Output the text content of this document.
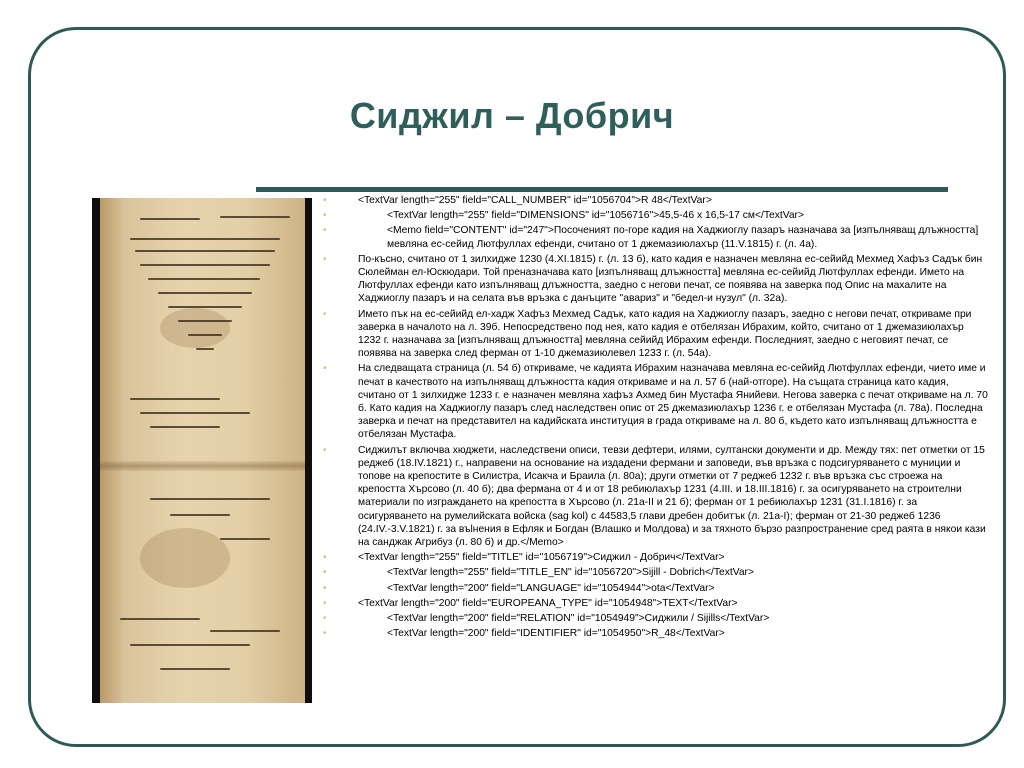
Сиджил – Добрич
• <TextVar length="255" field="CALL_NUMBER" id="1056704">R 48</TextVar>
• <TextVar length="255" field="DIMENSIONS" id="1056716">45,5-46 x 16,5-17 см</TextVar>
• <Memo field="CONTENT" id="247">Посоченият по-горе кадия на Хаджиоглу пазаръ назначава за [изпълняващ длъжността] мевляна ес-сейид Лютфуллах ефенди, считано от 1 джемазиюлахър (11.V.1815) г. (л. 4а).
• По-късно, считано от 1 зилхидже 1230 (4.XI.1815) г. (л. 13 б), като кадия е назначен мевляна ес-сейийд Мехмед Хафъз Садък бин Сюлейман ел-Юскюдари. Той преназначава като [изпълняващ длъжността] мевляна ес-сейийд Лютфуллах ефенди. Името на Лютфуллах ефенди като изпълняващ длъжността, заедно с негови печат, се появява на заверка под Опис на махалите на Хаджиоглу пазаръ и на селата във връзка с данъците "авариз" и "бедел-и нузул" (л. 32а).
• Името пък на ес-сейийд ел-хадж Хафъз Мехмед Садък, като кадия на Хаджиоглу пазаръ, заедно с негови печат, откриваме при заверка в началото на л. 39б. Непосредствено под нея, като кадия е отбелязан Ибрахим, който, считано от 1 джемазиюлахър 1232 г. назначава за [изпълняващ длъжността] мевляна сейийд Ибрахим ефенди. Последният, заедно с неговият печат, се появява на заверка след ферман от 1-10 джемазиюлевел 1233 г. (л. 54а).
• На следващата страница (л. 54 б) откриваме, че кадията Ибрахим назначава мевляна ес-сейийд Лютфуллах ефенди, чието име и печат в качеството на изпълняващ длъжността кадия откриваме и на л. 57 б (най-отгоре). На същата страница като кадия, считано от 1 зилхидже 1233 г. е назначен мевляна хафъз Ахмед бин Мустафа Янийеви. Негова заверка с печат откриваме на л. 70 б. Като кадия на Хаджиоглу пазаръ след наследствен опис от 25 джемазиюлахър 1236 г. е отбелязан Мустафа (л. 78а). Последна заверка и печат на представител на кадийската институция в града откриваме на л. 80 б, където като изпълняващ длъжността е отбелязан Мустафа.
• Сиджилът включва хюджети, наследствени описи, тевзи дефтери, илями, султански документи и др. Между тях: пет отметки от 15 реджеб (18.IV.1821) г., направени на основание на издадени фермани и заповеди, във връзка с подсигуряването с муниции и топове на крепостите в Силистра, Исакча и Браила (л. 80а); други отметки от 7 реджеб 1232 г. във връзка със строежа на крепостта Хърсово (л. 40 б); два фермана от 4 и от 18 ребиюлахър 1231 (4.III. и 18.III.1816) г. за осигуряването на строителни материали по изграждането на крепостта в Хърсово (л. 21а-II и 21 б); ферман от 1 ребиюлахър 1231 (31.I.1816) г. за осигуряването на румелийската войска (sag kol) с 44583,5 глави дребен добитък (л. 21а-I); ферман от 21-30 реджеб 1236 (24.IV.-3.V.1821) г. за въlнения в Ефляк и Богдан (Влашко и Молдова) и за тяхното бързо разпространение сред раята в някои кази на санджак Агрибуз (л. 80 б) и др.</Memo>
• <TextVar length="255" field="TITLE" id="1056719">Сиджил - Добрич</TextVar>
• <TextVar length="255" field="TITLE_EN" id="1056720">Sijill - Dobrich</TextVar>
• <TextVar length="200" field="LANGUAGE" id="1054944">ota</TextVar>
• <TextVar length="200" field="EUROPEANA_TYPE" id="1054948">TEXT</TextVar>
• <TextVar length="200" field="RELATION" id="1054949">Сиджили / Sijills</TextVar>
• <TextVar length="200" field="IDENTIFIER" id="1054950">R_48</TextVar>
